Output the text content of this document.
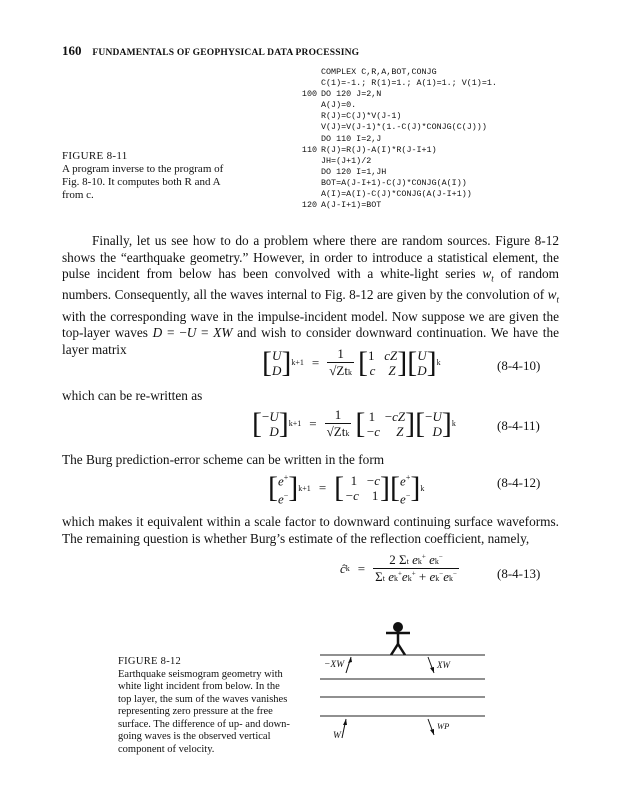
160 FUNDAMENTALS OF GEOPHYSICAL DATA PROCESSING
COMPLEX C,R,A,BOT,CONJG
C(1)=-1.; R(1)=1.; A(1)=1.; V(1)=1.
100 DO 120 J=2,N
A(J)=0.
R(J)=C(J)*V(J-1)
V(J)=V(J-1)*(1.-C(J)*CONJG(C(J)))
DO 110 I=2,J
110 R(J)=R(J)-A(I)*R(J-I+1)
JH=(J+1)/2
DO 120 I=1,JH
BOT=A(J-I+1)-C(J)*CONJG(A(I))
A(I)=A(I)-C(J)*CONJG(A(J-I+1))
120 A(J-I+1)=BOT
FIGURE 8-11
A program inverse to the program of
Fig. 8-10. It computes both R and A
from c.
Finally, let us see how to do a problem where there are random sources. Figure 8-12 shows the “earthquake geometry.” However, in order to introduce a statistical element, the pulse incident from below has been convolved with a white-light series $w_t$ of random numbers. Consequently, all the waves internal to Fig. 8-12 are given by the convolution of $w_t$ with the corresponding wave in the impulse-incident model. Now suppose we are given the top-layer waves D = −U = XW and wish to consider downward continuation. We have the layer matrix	[ U
D ] $k+1 = \frac{1}{\text{√Ztk}}$ [ 1   cZ
c Z ] [ U
D ] k	(8-4-10)
which can be re-written as
[ −U
D ] $k+1 = \frac{1}{\text{√Ztk}}$ [ 1   −cZ
−c Z ] [ −U
D ] k	(8-4-11)
The Burg prediction-error scheme can be written in the form
[ e+
e− ] k+1 = [ 1   −c
−c    1 ] [ e+
e− ] k	(8-4-12)
which makes it equivalent within a scale factor to downward continuing surface waveforms. The remaining question is whether Burg’s estimate of the reflection coefficient, namely,
ĉ $k = \frac{2 \Sigma t ek^+ ek^-}{\Sigma t ek^+ek^+ + ek^-ek^-}$	(8-4-13)
FIGURE 8-12
Earthquake seismogram geometry with
white light incident from below. In the
top layer, the sum of the waves vanishes
representing zero pressure at the free
surface. The difference of up- and down-
going waves is the observed vertical
component of velocity.
−XW	XW
W
WP
